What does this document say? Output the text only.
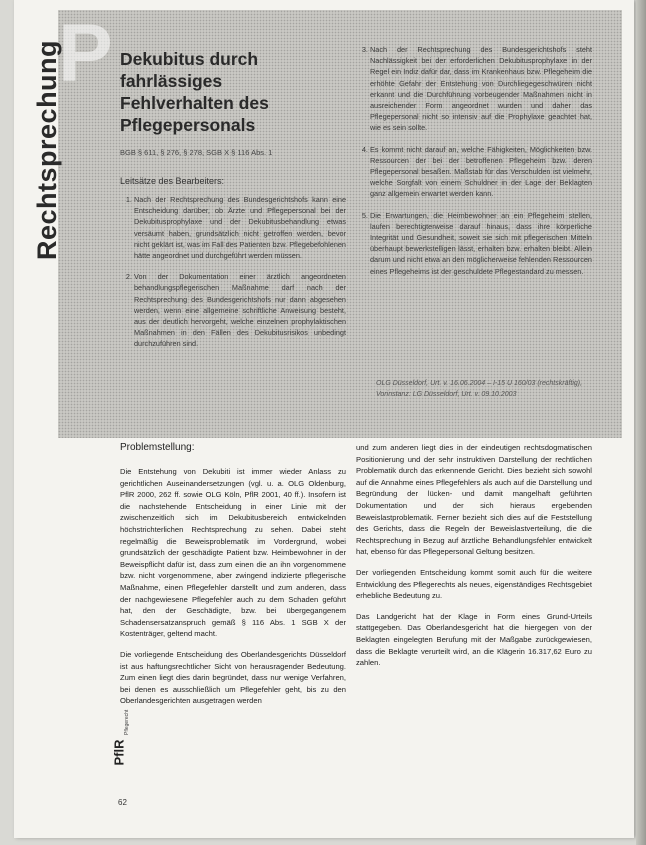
P
Rechtsprechung	Dekubitus durch fahrlässiges Fehlverhalten des Pflegepersonals
BGB § 611, § 276, § 278, SGB X § 116 Abs. 1
Leitsätze des Bearbeiters:
1. Nach der Rechtsprechung des Bundesgerichtshofs kann eine Entscheidung darüber, ob Ärzte und Pflegepersonal bei der Dekubitusprophylaxe und der Dekubitusbehandlung etwas versäumt haben, grundsätzlich nicht getroffen werden, bevor nicht geklärt ist, was im Fall des Patienten bzw. Pflegebefohlenen hätte angeordnet und durchgeführt werden müssen.
2. Von der Dokumentation einer ärztlich angeordneten behandlungspflegerischen Maßnahme darf nach der Rechtsprechung des Bundesgerichtshofs nur dann abgesehen werden, wenn eine allgemeine schriftliche Anweisung besteht, aus der deutlich hervorgeht, welche einzelnen prophylaktischen Maßnahmen in den Fällen des Dekubitusrisikos unbedingt durchzuführen sind.
3. Nach der Rechtsprechung des Bundesgerichtshofs steht Nachlässigkeit bei der erforderlichen Dekubitusprophylaxe in der Regel ein Indiz dafür dar, dass im Krankenhaus bzw. Pflegeheim die erhöhte Gefahr der Entstehung von Durchliegegeschwüren nicht erkannt und die Durchführung vorbeugender Maßnahmen nicht in ausreichender Form angeordnet wurden und daher das Pflegepersonal nicht so intensiv auf die Prophylaxe geachtet hat, wie es sein sollte.
4. Es kommt nicht darauf an, welche Fähigkeiten, Möglichkeiten bzw. Ressourcen der bei der betroffenen Pflegeheim bzw. deren Pflegepersonal besaßen. Maßstab für das Verschulden ist vielmehr, welche Sorgfalt von einem Schuldner in der Lage der Beklagten ganz allgemein erwartet werden kann.
5. Die Erwartungen, die Heimbewohner an ein Pflegeheim stellen, laufen berechtigterweise darauf hinaus, dass ihre körperliche Integrität und Gesundheit, soweit sie sich mit pflegerischen Mitteln überhaupt bewerkstelligen lässt, erhalten bzw. erhalten bleibt. Allein darum und nicht etwa an den möglicherweise fehlenden Ressourcen eines Pflegeheims ist der geschuldete Pflegestandard zu messen.
OLG Düsseldorf, Urt. v. 16.06.2004 – I-15 U 160/03 (rechtskräftig), Vorinstanz: LG Düsseldorf, Urt. v. 09.10.2003
Problemstellung:

Die Entstehung von Dekubiti ist immer wieder Anlass zu gerichtlichen Auseinandersetzungen (vgl. u. a. OLG Oldenburg, PflR 2000, 262 ff. sowie OLG Köln, PflR 2001, 40 ff.). Insofern ist die nachstehende Entscheidung in einer Linie mit der zwischenzeitlich sich im Dekubitusbereich entwickelnden höchstrichterlichen Rechtsprechung zu sehen. Dabei steht regelmäßig die Beweisproblematik im Vordergrund, wobei grundsätzlich der geschädigte Patient bzw. Heimbewohner in der Beweispflicht dafür ist, dass zum einen die an ihn vorgenommene bzw. nicht vorgenommene, aber zwingend indizierte pflegerische Maßnahme, einen Pflegefehler darstellt und zum anderen, dass der nachgewiesene Pflegefehler auch zu dem Schaden geführt hat, den der Geschädigte, bzw. bei übergegangenem Schadensersatzanspruch gemäß § 116 Abs. 1 SGB X der Kostenträger, geltend macht.

Die vorliegende Entscheidung des Oberlandesgerichts Düsseldorf ist aus haftungsrechtlicher Sicht von herausragender Bedeutung. Zum einen liegt dies darin begründet, dass nur wenige Verfahren, bei denen es ausschließlich um Pflegefehler geht, bis zu den Oberlandesgerichten ausgetragen werden

und zum anderen liegt dies in der eindeutigen rechtsdogmatischen Positionierung und der sehr instruktiven Darstellung der rechtlichen Problematik durch das erkennende Gericht. Dies bezieht sich sowohl auf die Annahme eines Pflegefehlers als auch auf die Darstellung und Begründung der lücken- und damit mangelhaft geführten Dokumentation und der sich hieraus ergebenden Beweislastproblematik. Ferner bezieht sich dies auf die Feststellung des Gerichts, dass die Regeln der Beweislastverteilung, die die Rechtsprechung in Bezug auf ärztliche Behandlungsfehler entwickelt hat, ebenso für das Pflegepersonal Geltung besitzen.

Der vorliegenden Entscheidung kommt somit auch für die weitere Entwicklung des Pflegerechts als neues, eigenständiges Rechtsgebiet erhebliche Bedeutung zu.

Das Landgericht hat der Klage in Form eines Grund-Urteils stattgegeben. Das Oberlandesgericht hat die hiergegen von der Beklagten eingelegten Berufung mit der Maßgabe zurückgewiesen, dass die Beklagte verurteilt wird, an die Klägerin 16.317,62 Euro zu zahlen.

PflR
Pflegerecht
62
